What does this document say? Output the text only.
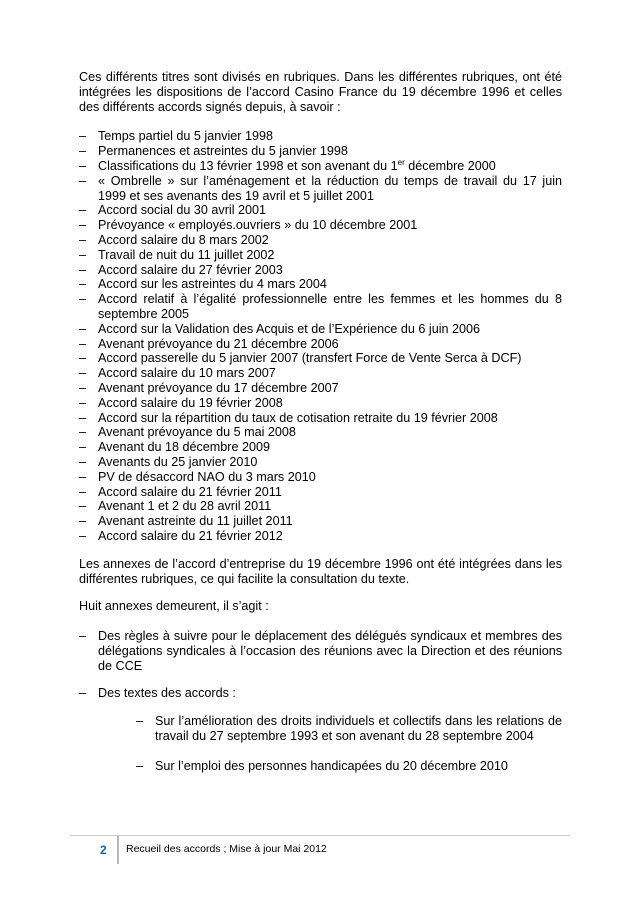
Ces différents titres sont divisés en rubriques. Dans les différentes rubriques, ont été intégrées les dispositions de l’accord Casino France du 19 décembre 1996 et celles des différents accords signés depuis, à savoir :

– Temps partiel du 5 janvier 1998
– Permanences et astreintes du 5 janvier 1998
– Classifications du 13 février 1998 et son avenant du 1er décembre 2000
– « Ombrelle » sur l’aménagement et la réduction du temps de travail du 17 juin 1999 et ses avenants des 19 avril et 5 juillet 2001
– Accord social du 30 avril 2001
– Prévoyance « employés.ouvriers » du 10 décembre 2001
– Accord salaire du 8 mars 2002
– Travail de nuit du 11 juillet 2002
– Accord salaire du 27 février 2003
– Accord sur les astreintes du 4 mars 2004
– Accord relatif à l’égalité professionnelle entre les femmes et les hommes du 8 septembre 2005
– Accord sur la Validation des Acquis et de l’Expérience du 6 juin 2006
– Avenant prévoyance du 21 décembre 2006
– Accord passerelle du 5 janvier 2007 (transfert Force de Vente Serca à DCF)
– Accord salaire du 10 mars 2007
– Avenant prévoyance du 17 décembre 2007
– Accord salaire du 19 février 2008
– Accord sur la répartition du taux de cotisation retraite du 19 février 2008
– Avenant prévoyance du 5 mai 2008
– Avenant du 18 décembre 2009
– Avenants du 25 janvier 2010
– PV de désaccord NAO du 3 mars 2010
– Accord salaire du 21 février 2011
– Avenant 1 et 2 du 28 avril 2011
– Avenant astreinte du 11 juillet 2011
– Accord salaire du 21 février 2012

Les annexes de l’accord d’entreprise du 19 décembre 1996 ont été intégrées dans les différentes rubriques, ce qui facilite la consultation du texte.

Huit annexes demeurent, il s’agit :

– Des règles à suivre pour le déplacement des délégués syndicaux et membres des délégations syndicales à l’occasion des réunions avec la Direction et des réunions de CCE
– Des textes des accords :
– Sur l’amélioration des droits individuels et collectifs dans les relations de travail du 27 septembre 1993 et son avenant du 28 septembre 2004
– Sur l’emploi des personnes handicapées du 20 décembre 2010
2 Recueil des accords ; Mise à jour Mai 2012
